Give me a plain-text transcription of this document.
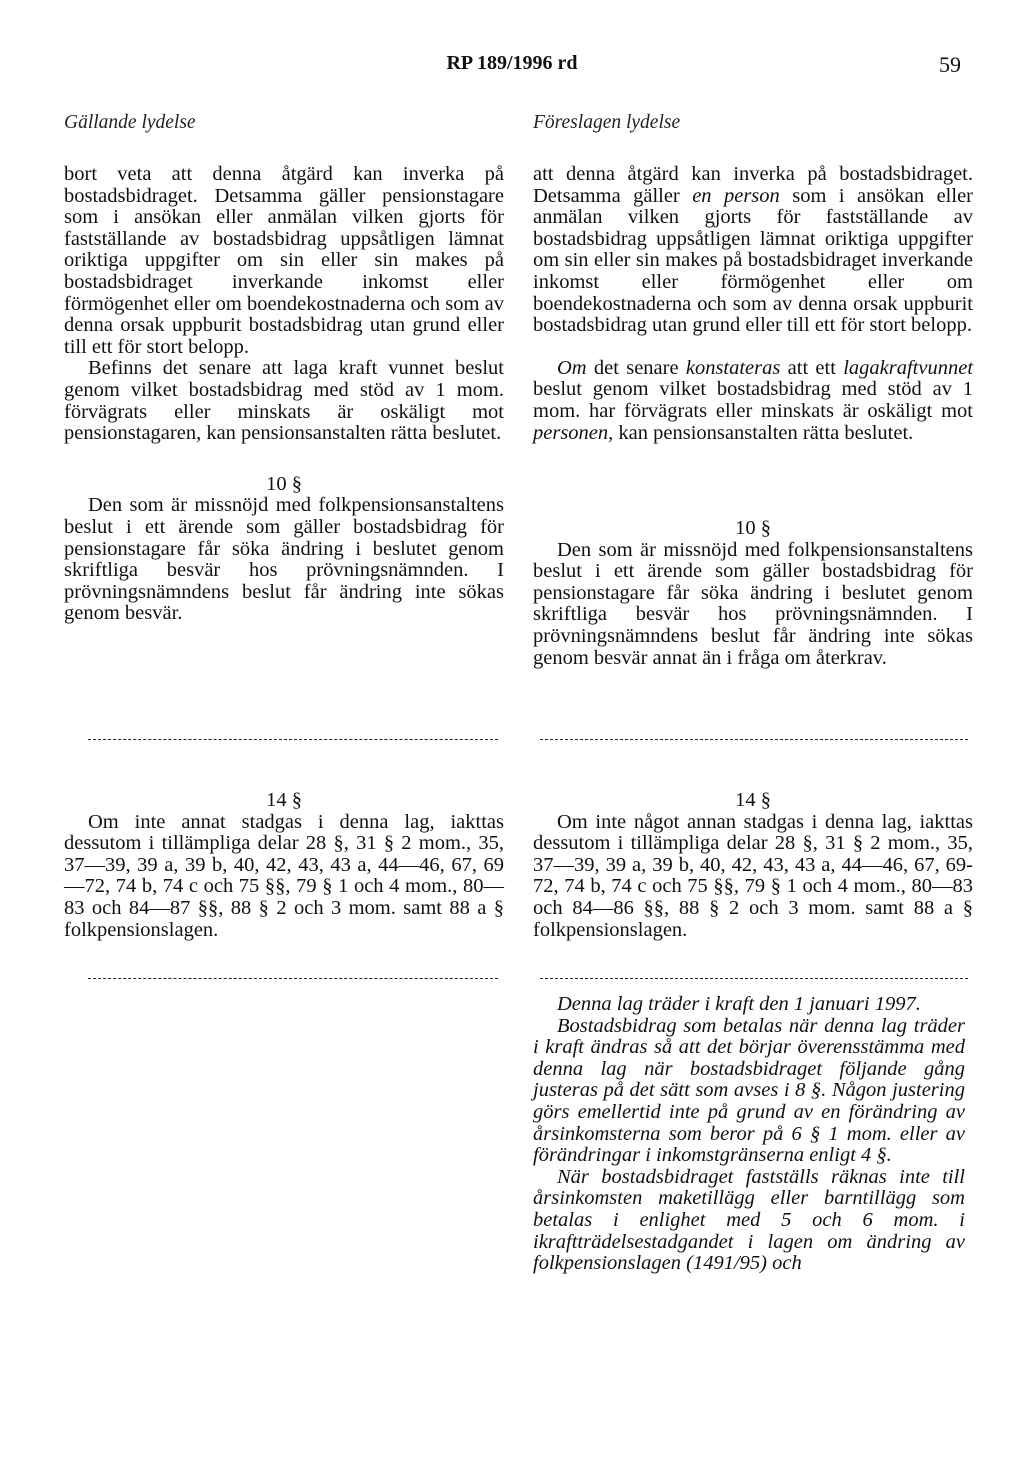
RP 189/1996 rd	59
Gällande lydelse	Föreslagen lydelse

bort veta att denna åtgärd kan inverka på bostadsbidraget. Detsamma gäller pensionstagare som i ansökan eller anmälan vilken gjorts för fastställande av bostadsbidrag uppsåtligen lämnat oriktiga uppgifter om sin eller sin makes på bostadsbidraget inverkande inkomst eller förmögenhet eller om boendekostnaderna och som av denna orsak uppburit bostadsbidrag utan grund eller till ett för stort belopp.

Befinns det senare att laga kraft vunnet beslut genom vilket bostadsbidrag med stöd av 1 mom. förvägrats eller minskats är oskäligt mot pensionstagaren, kan pensionsanstalten rätta beslutet.

10 §

Den som är missnöjd med folkpensionsanstaltens beslut i ett ärende som gäller bostadsbidrag för pensionstagare får söka ändring i beslutet genom skriftliga besvär hos prövningsnämnden. I prövningsnämndens beslut får ändring inte sökas genom besvär.

14 §

Om inte annat stadgas i denna lag, iakttas dessutom i tillämpliga delar 28 §, 31 § 2 mom., 35, 37—39, 39 a, 39 b, 40, 42, 43, 43 a, 44—46, 67, 69—72, 74 b, 74 c och 75 §§, 79 § 1 och 4 mom., 80—83 och 84—87 §§, 88 § 2 och 3 mom. samt 88 a § folkpensionslagen.

att denna åtgärd kan inverka på bostadsbidraget. Detsamma gäller en person som i ansökan eller anmälan vilken gjorts för fastställande av bostadsbidrag uppsåtligen lämnat oriktiga uppgifter om sin eller sin makes på bostadsbidraget inverkande inkomst eller förmögenhet eller om boendekostnaderna och som av denna orsak uppburit bostadsbidrag utan grund eller till ett för stort belopp.

Om det senare konstateras att ett lagakraftvunnet beslut genom vilket bostadsbidrag med stöd av 1 mom. har förvägrats eller minskats är oskäligt mot personen, kan pensionsanstalten rätta beslutet.

10 §

Den som är missnöjd med folkpensionsanstaltens beslut i ett ärende som gäller bostadsbidrag för pensionstagare får söka ändring i beslutet genom skriftliga besvär hos prövningsnämnden. I prövningsnämndens beslut får ändring inte sökas genom besvär annat än i fråga om återkrav.

14 §

Om inte något annan stadgas i denna lag, iakttas dessutom i tillämpliga delar 28 §, 31 § 2 mom., 35, 37—39, 39 a, 39 b, 40, 42, 43, 43 a, 44—46, 67, 69-72, 74 b, 74 c och 75 §§, 79 § 1 och 4 mom., 80—83 och 84—86 §§, 88 § 2 och 3 mom. samt 88 a § folkpensionslagen.

Denna lag träder i kraft den 1 januari 1997.

Bostadsbidrag som betalas när denna lag träder i kraft ändras så att det börjar överensstämma med denna lag när bostadsbidraget följande gång justeras på det sätt som avses i 8 §. Någon justering görs emellertid inte på grund av en förändring av årsinkomsterna som beror på 6 § 1 mom. eller av förändringar i inkomstgränserna enligt 4 §.

När bostadsbidraget fastställs räknas inte till årsinkomsten maketillägg eller barntillägg som betalas i enlighet med 5 och 6 mom. i ikraftträdelsestadgandet i lagen om ändring av folkpensionslagen (1491/95) och
